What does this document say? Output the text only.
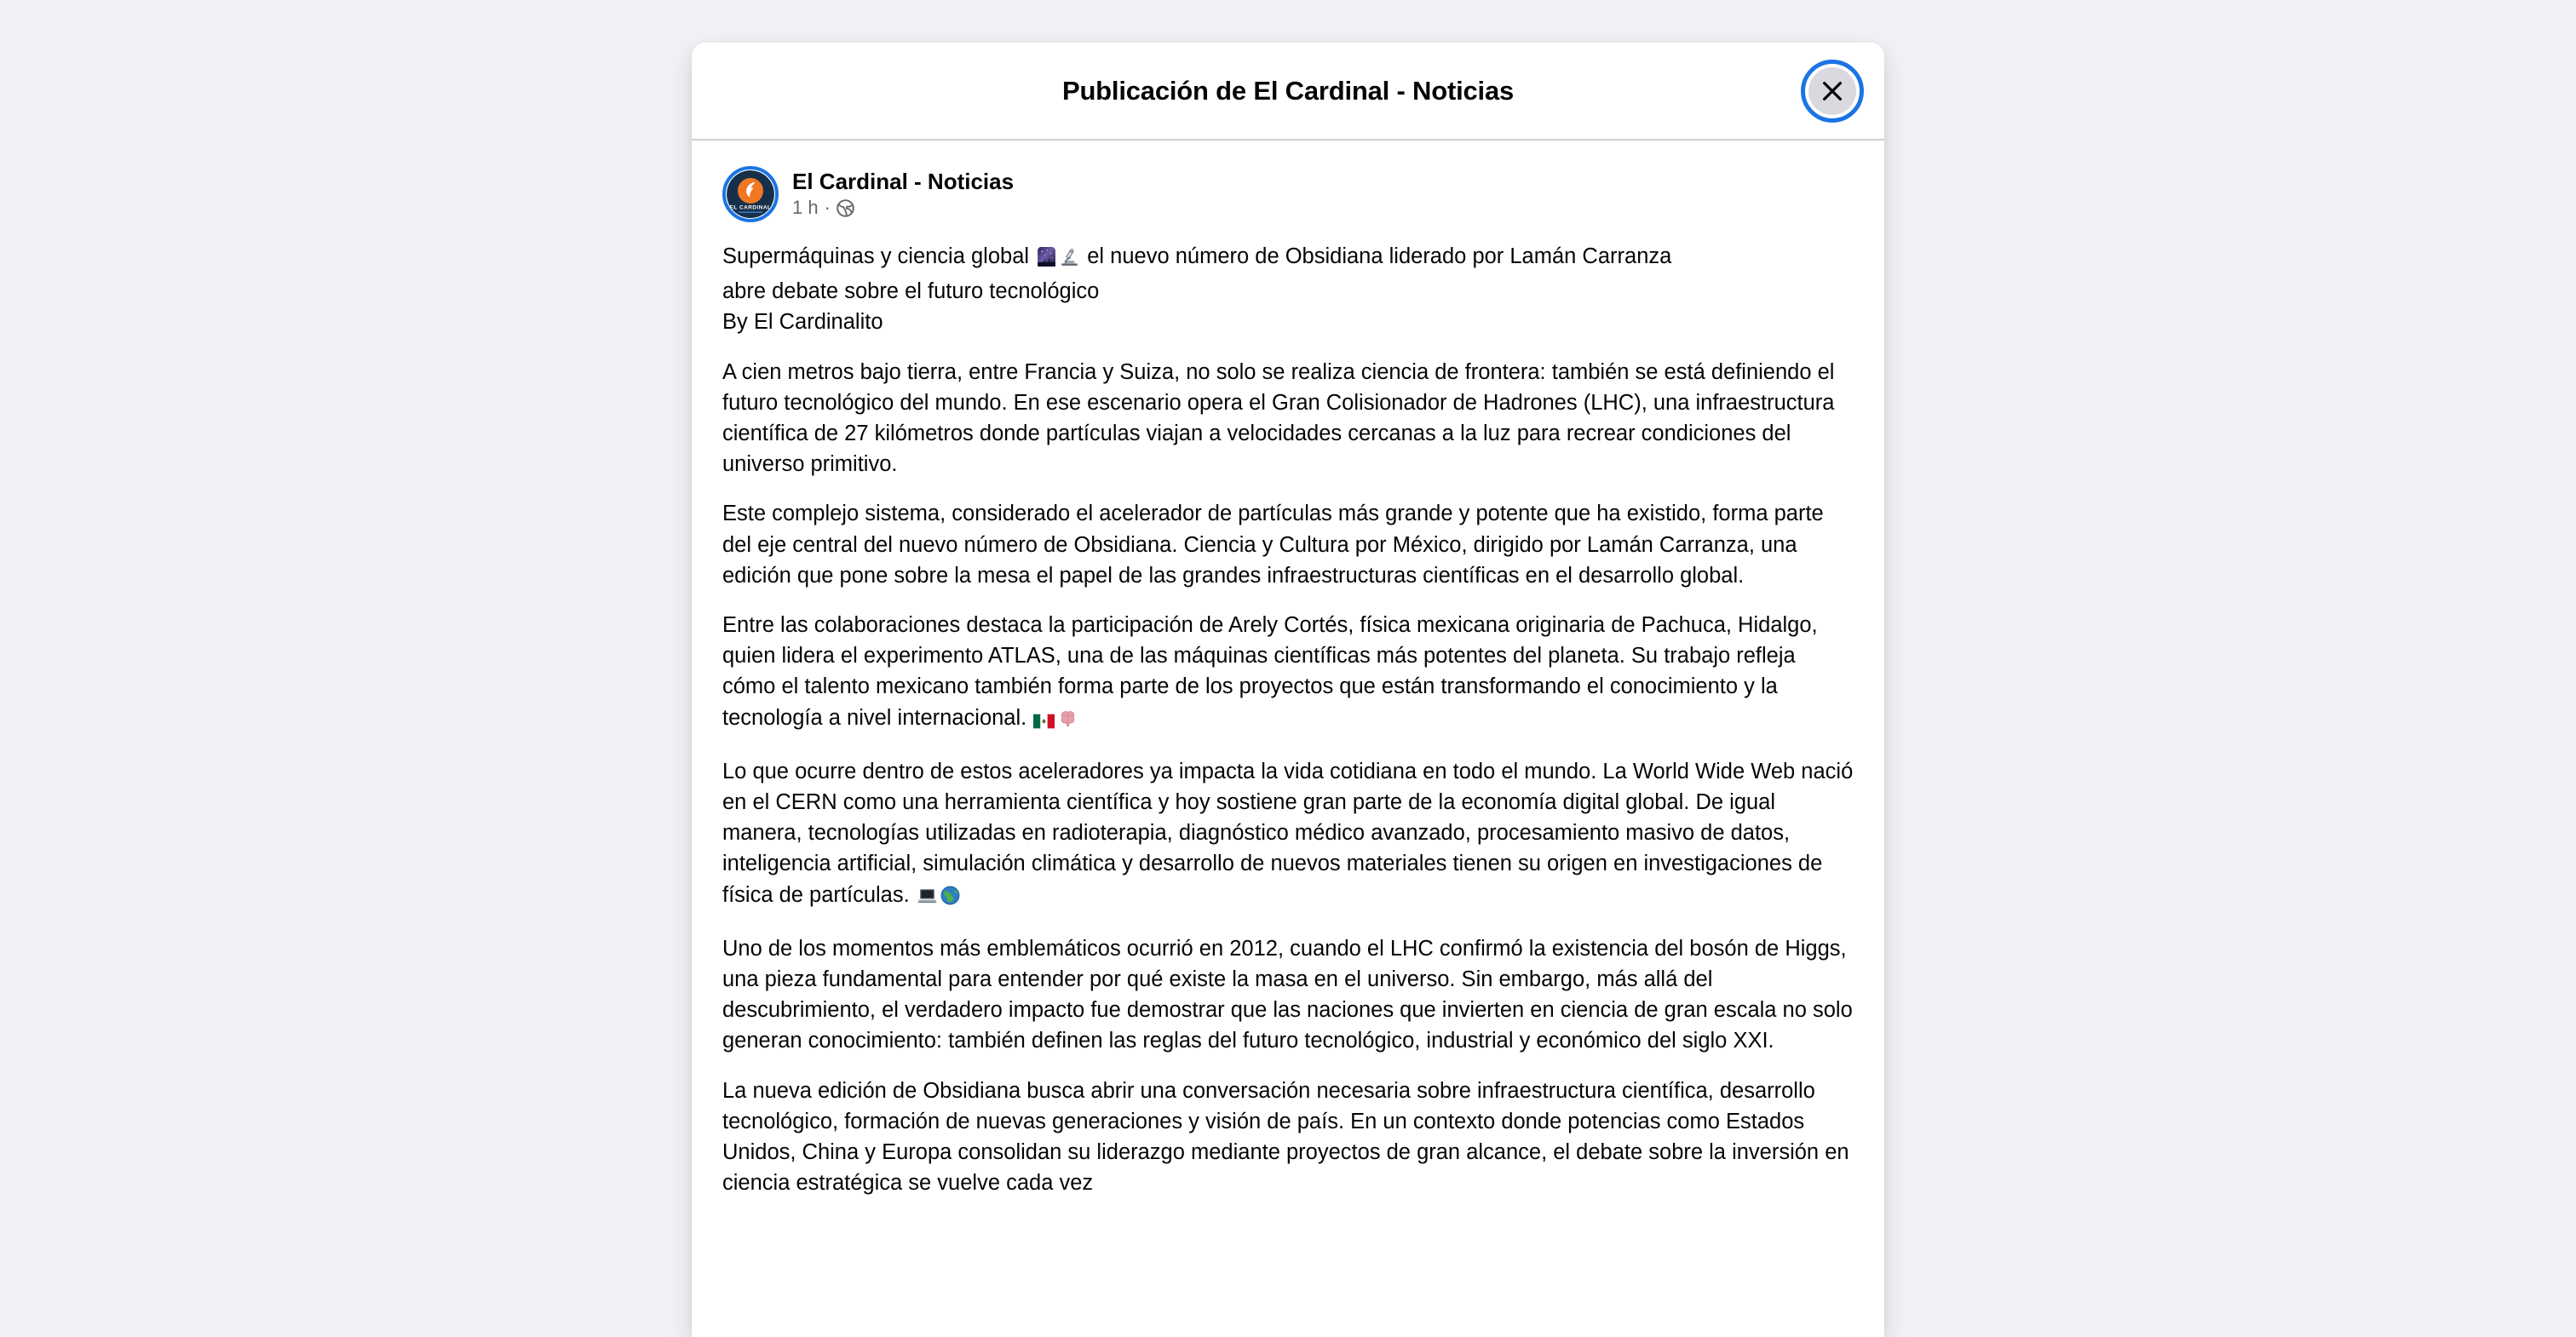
Publicación de El Cardinal - Noticias
EL CARDINAL
El Cardinal - Noticias
1 h ·

Supermáquinas y ciencia global  el nuevo número de Obsidiana liderado por Lamán Carranza
abre debate sobre el futuro tecnológico
By El Cardinalito

A cien metros bajo tierra, entre Francia y Suiza, no solo se realiza ciencia de frontera: también se está definiendo el futuro tecnológico del mundo. En ese escenario opera el Gran Colisionador de Hadrones (LHC), una infraestructura científica de 27 kilómetros donde partículas viajan a velocidades cercanas a la luz para recrear condiciones del universo primitivo.

Este complejo sistema, considerado el acelerador de partículas más grande y potente que ha existido, forma parte del eje central del nuevo número de Obsidiana. Ciencia y Cultura por México, dirigido por Lamán Carranza, una edición que pone sobre la mesa el papel de las grandes infraestructuras científicas en el desarrollo global.

Entre las colaboraciones destaca la participación de Arely Cortés, física mexicana originaria de Pachuca, Hidalgo, quien lidera el experimento ATLAS, una de las máquinas científicas más potentes del planeta. Su trabajo refleja cómo el talento mexicano también forma parte de los proyectos que están transformando el conocimiento y la tecnología a nivel internacional.

Lo que ocurre dentro de estos aceleradores ya impacta la vida cotidiana en todo el mundo. La World Wide Web nació en el CERN como una herramienta científica y hoy sostiene gran parte de la economía digital global. De igual manera, tecnologías utilizadas en radioterapia, diagnóstico médico avanzado, procesamiento masivo de datos, inteligencia artificial, simulación climática y desarrollo de nuevos materiales tienen su origen en investigaciones de física de partículas.

Uno de los momentos más emblemáticos ocurrió en 2012, cuando el LHC confirmó la existencia del bosón de Higgs, una pieza fundamental para entender por qué existe la masa en el universo. Sin embargo, más allá del descubrimiento, el verdadero impacto fue demostrar que las naciones que invierten en ciencia de gran escala no solo generan conocimiento: también definen las reglas del futuro tecnológico, industrial y económico del siglo XXI.

La nueva edición de Obsidiana busca abrir una conversación necesaria sobre infraestructura científica, desarrollo tecnológico, formación de nuevas generaciones y visión de país. En un contexto donde potencias como Estados Unidos, China y Europa consolidan su liderazgo mediante proyectos de gran alcance, el debate sobre la inversión en ciencia estratégica se vuelve cada vez
